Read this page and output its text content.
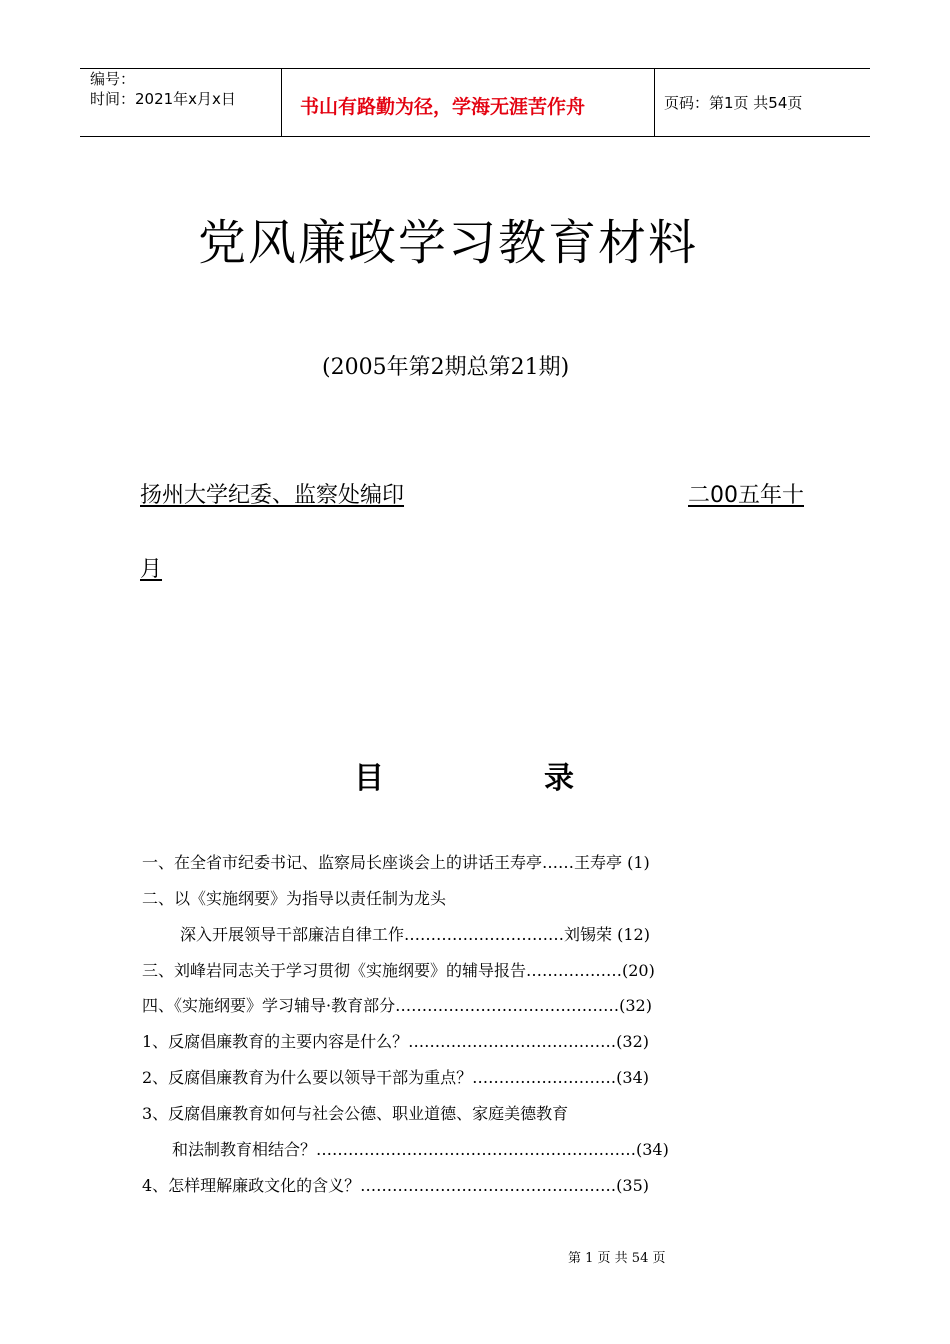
编号：
时间：2021年x月x日	书山有路勤为径，学海无涯苦作舟	页码：第1页 共54页
党风廉政学习教育材料
(2005年第2期总第21期)
扬州大学纪委、监察处编印	二00五年十
月
目	录
一、在全省市纪委书记、监察局长座谈会上的讲话王寿亭……王寿亭 (1)
二、以《实施纲要》为指导以责任制为龙头
深入开展领导干部廉洁自律工作…………………………刘锡荣 (12)
三、刘峰岩同志关于学习贯彻《实施纲要》的辅导报告………………(20)
四、《实施纲要》学习辅导·教育部分……………………………………(32)
1、反腐倡廉教育的主要内容是什么？…………………………………(32)
2、反腐倡廉教育为什么要以领导干部为重点？………………………(34)
3、反腐倡廉教育如何与社会公德、职业道德、家庭美德教育
和法制教育相结合？……………………………………………………(34)
4、怎样理解廉政文化的含义？…………………………………………(35)
第 1 页 共 54 页
